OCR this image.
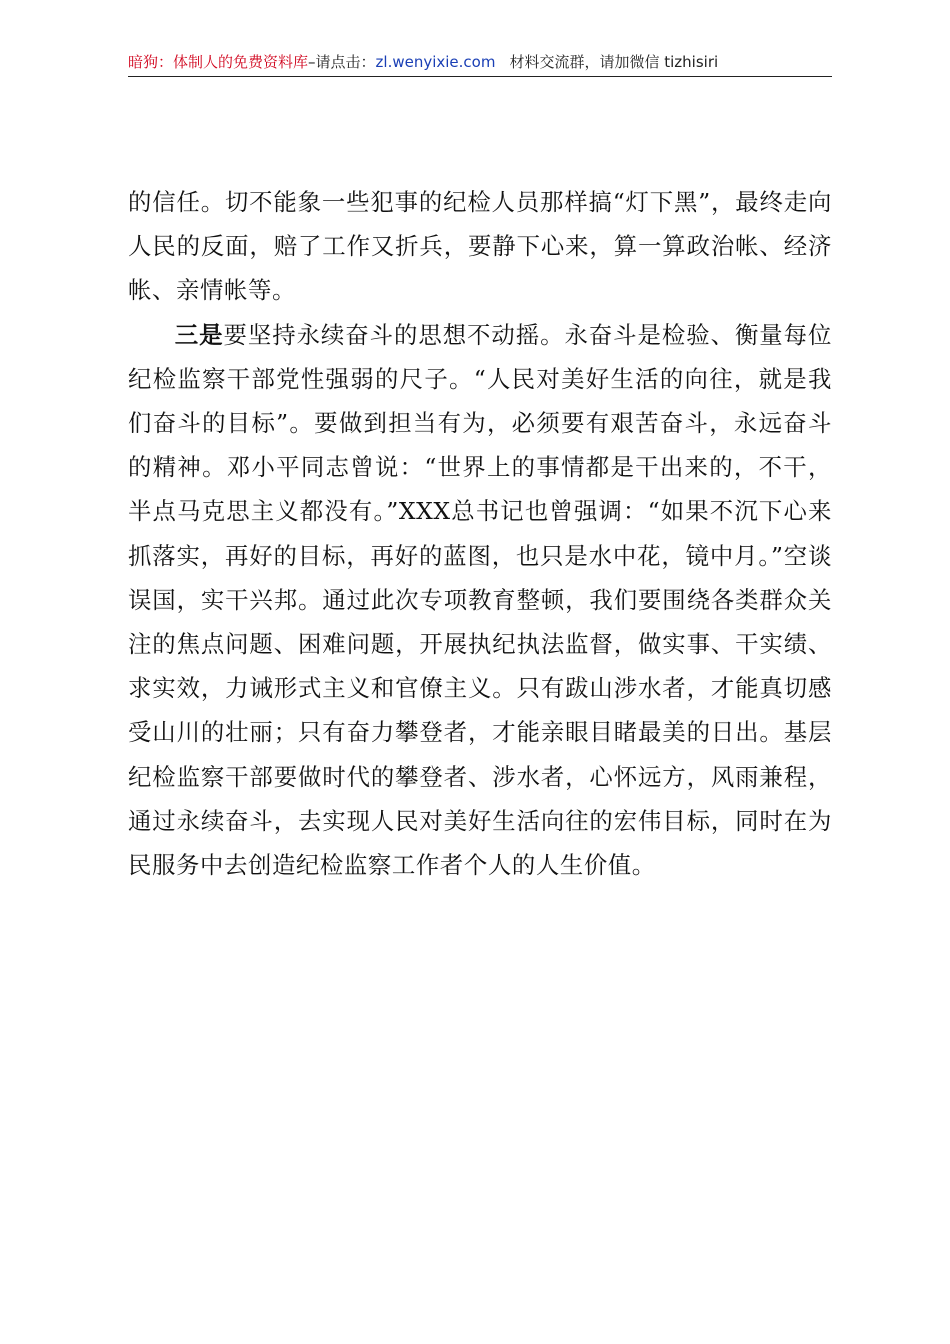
暗狗：体制人的免费资料库–请点击：zl.wenyixie.com 材料交流群，请加微信 tizhisiri

的信任。切不能象一些犯事的纪检人员那样搞“灯下黑”，最终走向人民的反面，赔了工作又折兵，要静下心来，算一算政治帐、经济帐、亲情帐等。

三是要坚持永续奋斗的思想不动摇。永奋斗是检验、衡量每位纪检监察干部党性强弱的尺子。“人民对美好生活的向往，就是我们奋斗的目标”。要做到担当有为，必须要有艰苦奋斗，永远奋斗的精神。邓小平同志曾说：“世界上的事情都是干出来的，不干，半点马克思主义都没有。”XXX总书记也曾强调：“如果不沉下心来抓落实，再好的目标，再好的蓝图，也只是水中花，镜中月。”空谈误国，实干兴邦。通过此次专项教育整顿，我们要围绕各类群众关注的焦点问题、困难问题，开展执纪执法监督，做实事、干实绩、求实效，力诫形式主义和官僚主义。只有跋山涉水者，才能真切感受山川的壮丽；只有奋力攀登者，才能亲眼目睹最美的日出。基层纪检监察干部要做时代的攀登者、涉水者，心怀远方，风雨兼程，通过永续奋斗，去实现人民对美好生活向往的宏伟目标，同时在为民服务中去创造纪检监察工作者个人的人生价值。
